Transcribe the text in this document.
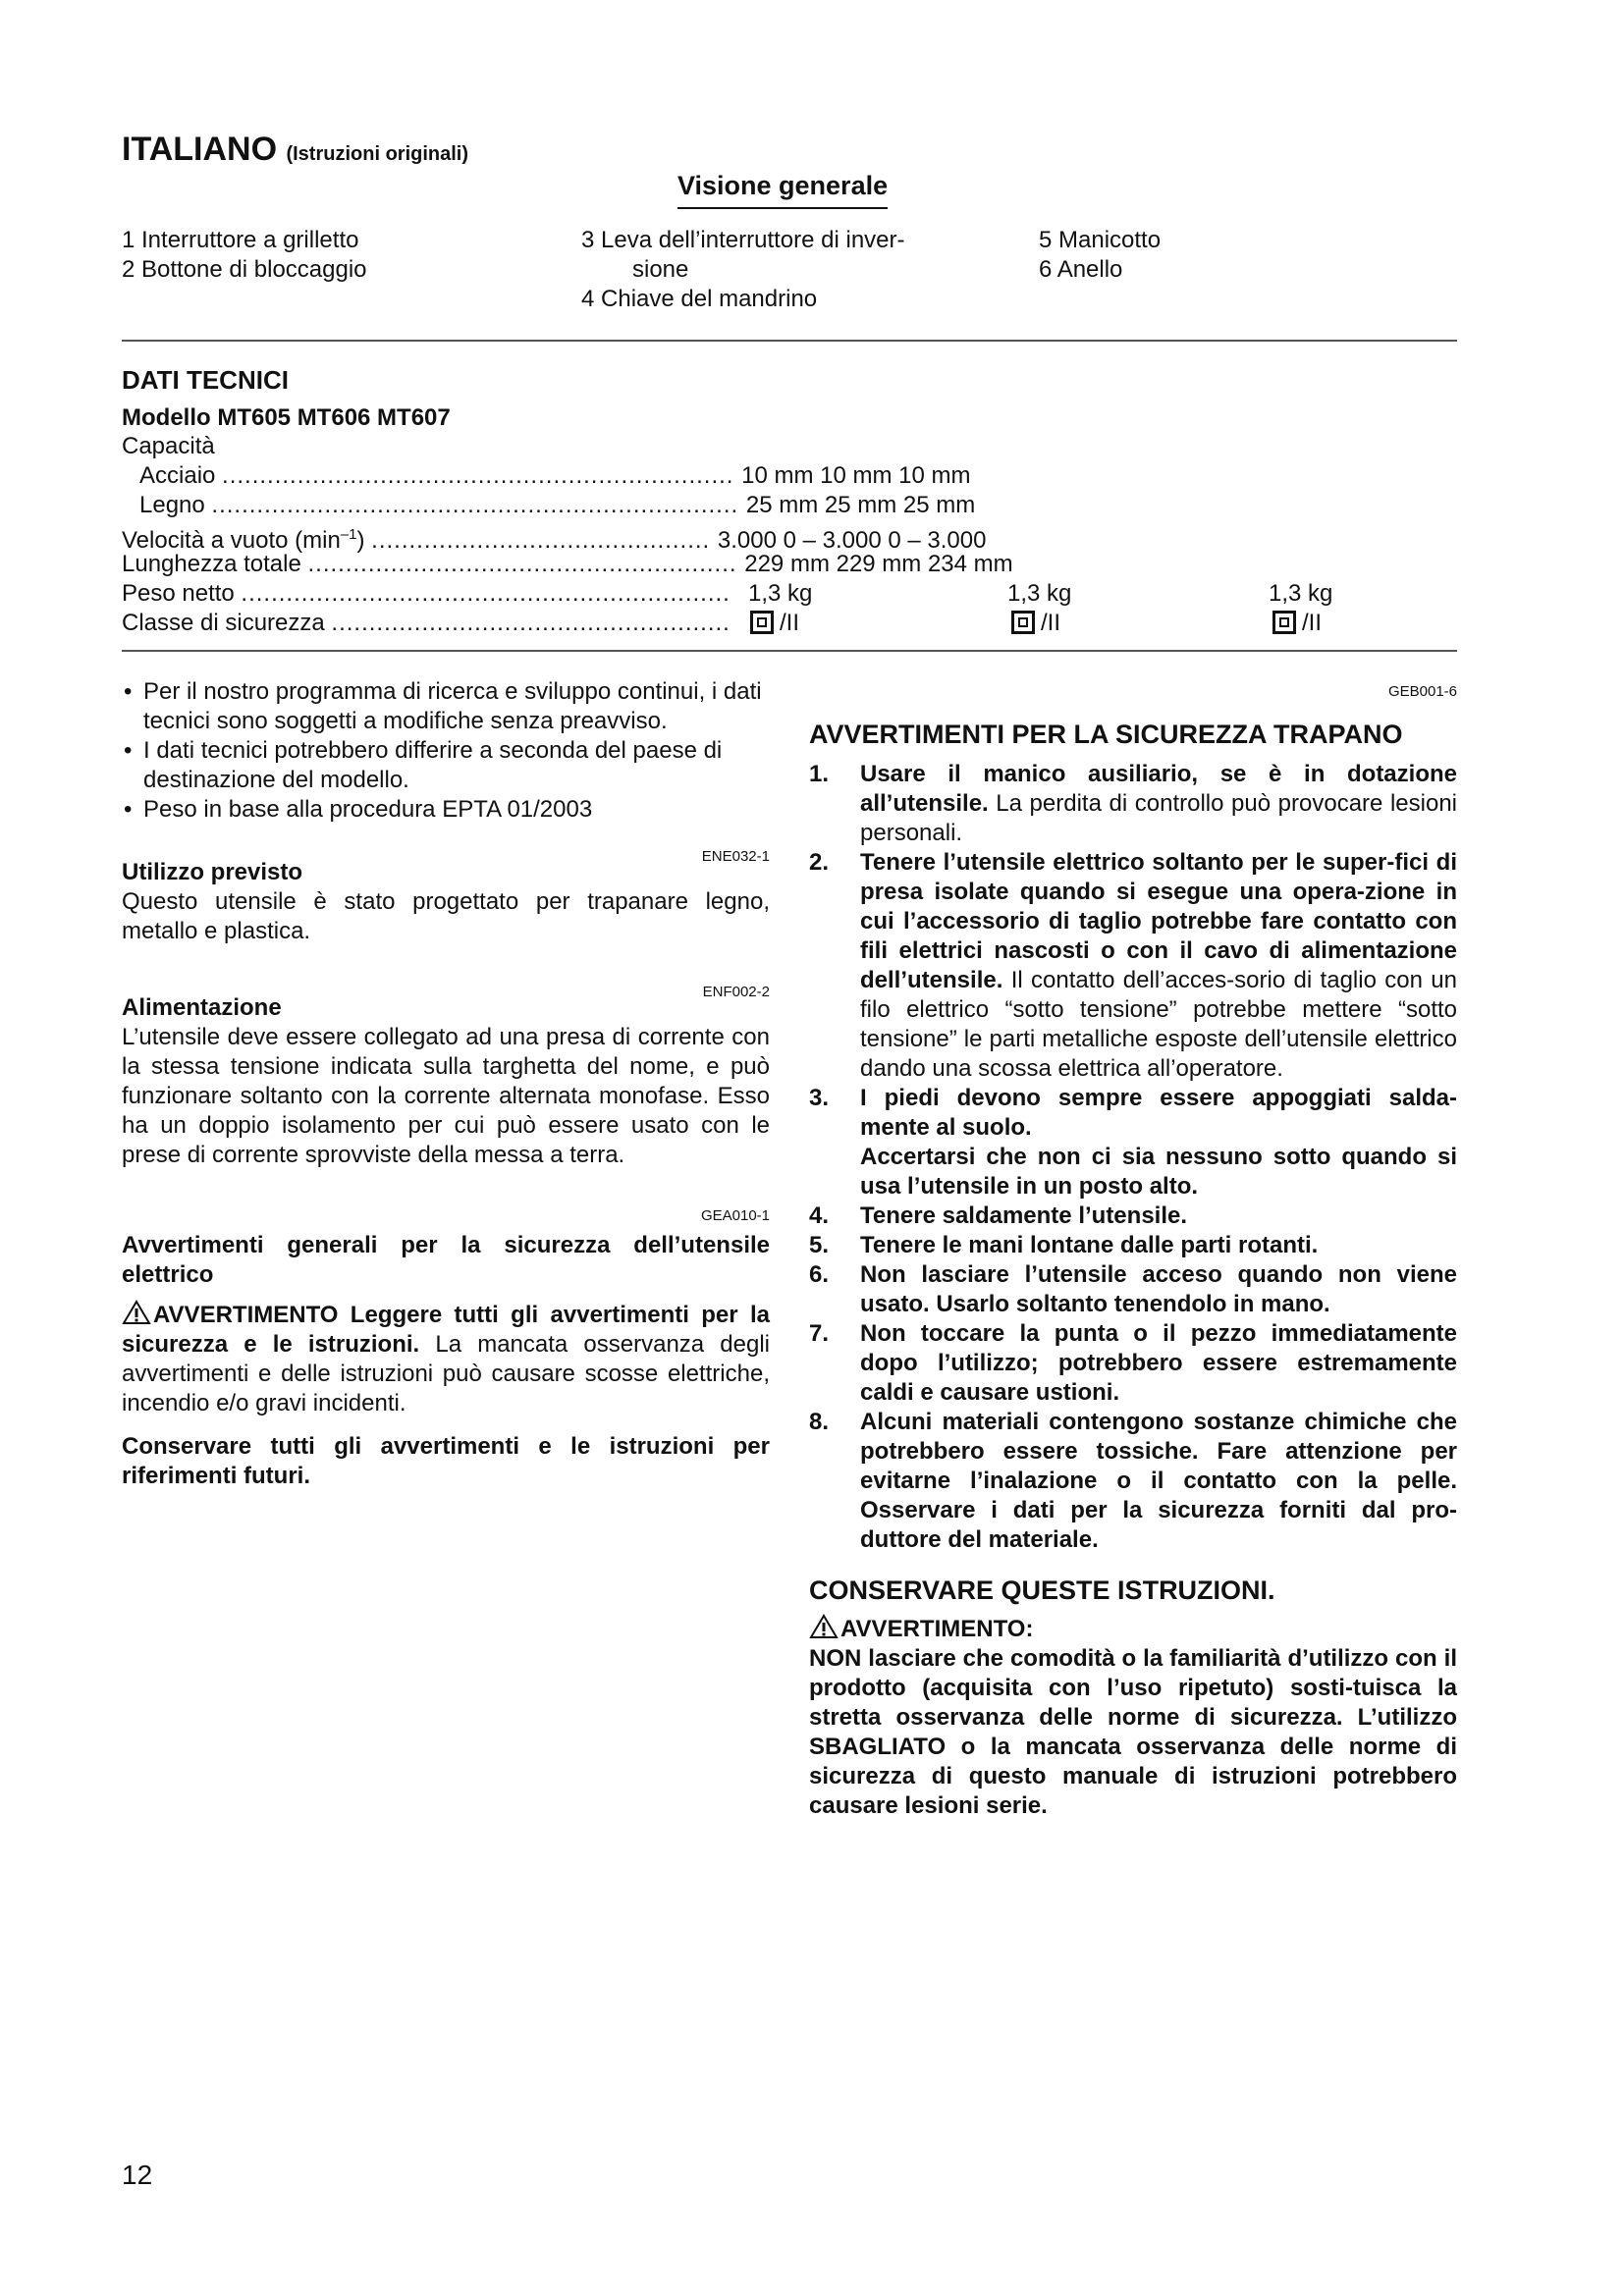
ITALIANO (Istruzioni originali)
Visione generale
1 Interruttore a grilletto
2 Bottone di bloccaggio
3 Leva dell’interruttore di inver-
sione
4 Chiave del mandrino
5 Manicotto
6 Anello
DATI TECNICI
Modello MT605 MT606 MT607
Capacità
Acciaio .................................................................... 10 mm 10 mm 10 mm
Legno ...................................................................... 25 mm 25 mm 25 mm
Velocità a vuoto $(\min^{-1})$ ............................................. 3.000 0 – 3.000 0 – 3.000
Lunghezza totale ......................................................... 229 mm 229 mm 234 mm
Peso netto ................................................................. 1,3 kg	1,3 kg	1,3 kg
Classe di sicurezza .....................................................	/II	/II	/II
• Per il nostro programma di ricerca e sviluppo continui, i dati tecnici sono soggetti a modifiche senza preavviso.
• I dati tecnici potrebbero differire a seconda del paese di destinazione del modello.
• Peso in base alla procedura EPTA 01/2003
ENE032-1
Utilizzo previsto
Questo utensile è stato progettato per trapanare legno, metallo e plastica.
ENF002-2
Alimentazione
L’utensile deve essere collegato ad una presa di corrente con la stessa tensione indicata sulla targhetta del nome, e può funzionare soltanto con la corrente alternata monofase. Esso ha un doppio isolamento per cui può essere usato con le prese di corrente sprovviste della messa a terra.
GEA010-1
Avvertimenti generali per la sicurezza dell’utensile elettrico
AVVERTIMENTO Leggere tutti gli avvertimenti per la sicurezza e le istruzioni. La mancata osservanza degli avvertimenti e delle istruzioni può causare scosse elettriche, incendio e/o gravi incidenti.
Conservare tutti gli avvertimenti e le istruzioni per riferimenti futuri.
GEB001-6
AVVERTIMENTI PER LA SICUREZZA TRAPANO
1. Usare il manico ausiliario, se è in dotazione all’utensile. La perdita di controllo può provocare lesioni personali.
2. Tenere l’utensile elettrico soltanto per le super-fici di presa isolate quando si esegue una opera-zione in cui l’accessorio di taglio potrebbe fare contatto con fili elettrici nascosti o con il cavo di alimentazione dell’utensile. Il contatto dell’acces-sorio di taglio con un filo elettrico “sotto tensione” potrebbe mettere “sotto tensione” le parti metalliche esposte dell’utensile elettrico dando una scossa elettrica all’operatore.
3. I piedi devono sempre essere appoggiati salda-mente al suolo.
Accertarsi che non ci sia nessuno sotto quando si usa l’utensile in un posto alto.
4. Tenere saldamente l’utensile.
5. Tenere le mani lontane dalle parti rotanti.
6. Non lasciare l’utensile acceso quando non viene usato. Usarlo soltanto tenendolo in mano.
7. Non toccare la punta o il pezzo immediatamente dopo l’utilizzo; potrebbero essere estremamente caldi e causare ustioni.
8. Alcuni materiali contengono sostanze chimiche che potrebbero essere tossiche. Fare attenzione per evitarne l’inalazione o il contatto con la pelle. Osservare i dati per la sicurezza forniti dal pro-duttore del materiale.
CONSERVARE QUESTE ISTRUZIONI.
AVVERTIMENTO:
NON lasciare che comodità o la familiarità d’utilizzo con il prodotto (acquisita con l’uso ripetuto) sosti-tuisca la stretta osservanza delle norme di sicurezza. L’utilizzo SBAGLIATO o la mancata osservanza delle norme di sicurezza di questo manuale di istruzioni potrebbero causare lesioni serie.
12
